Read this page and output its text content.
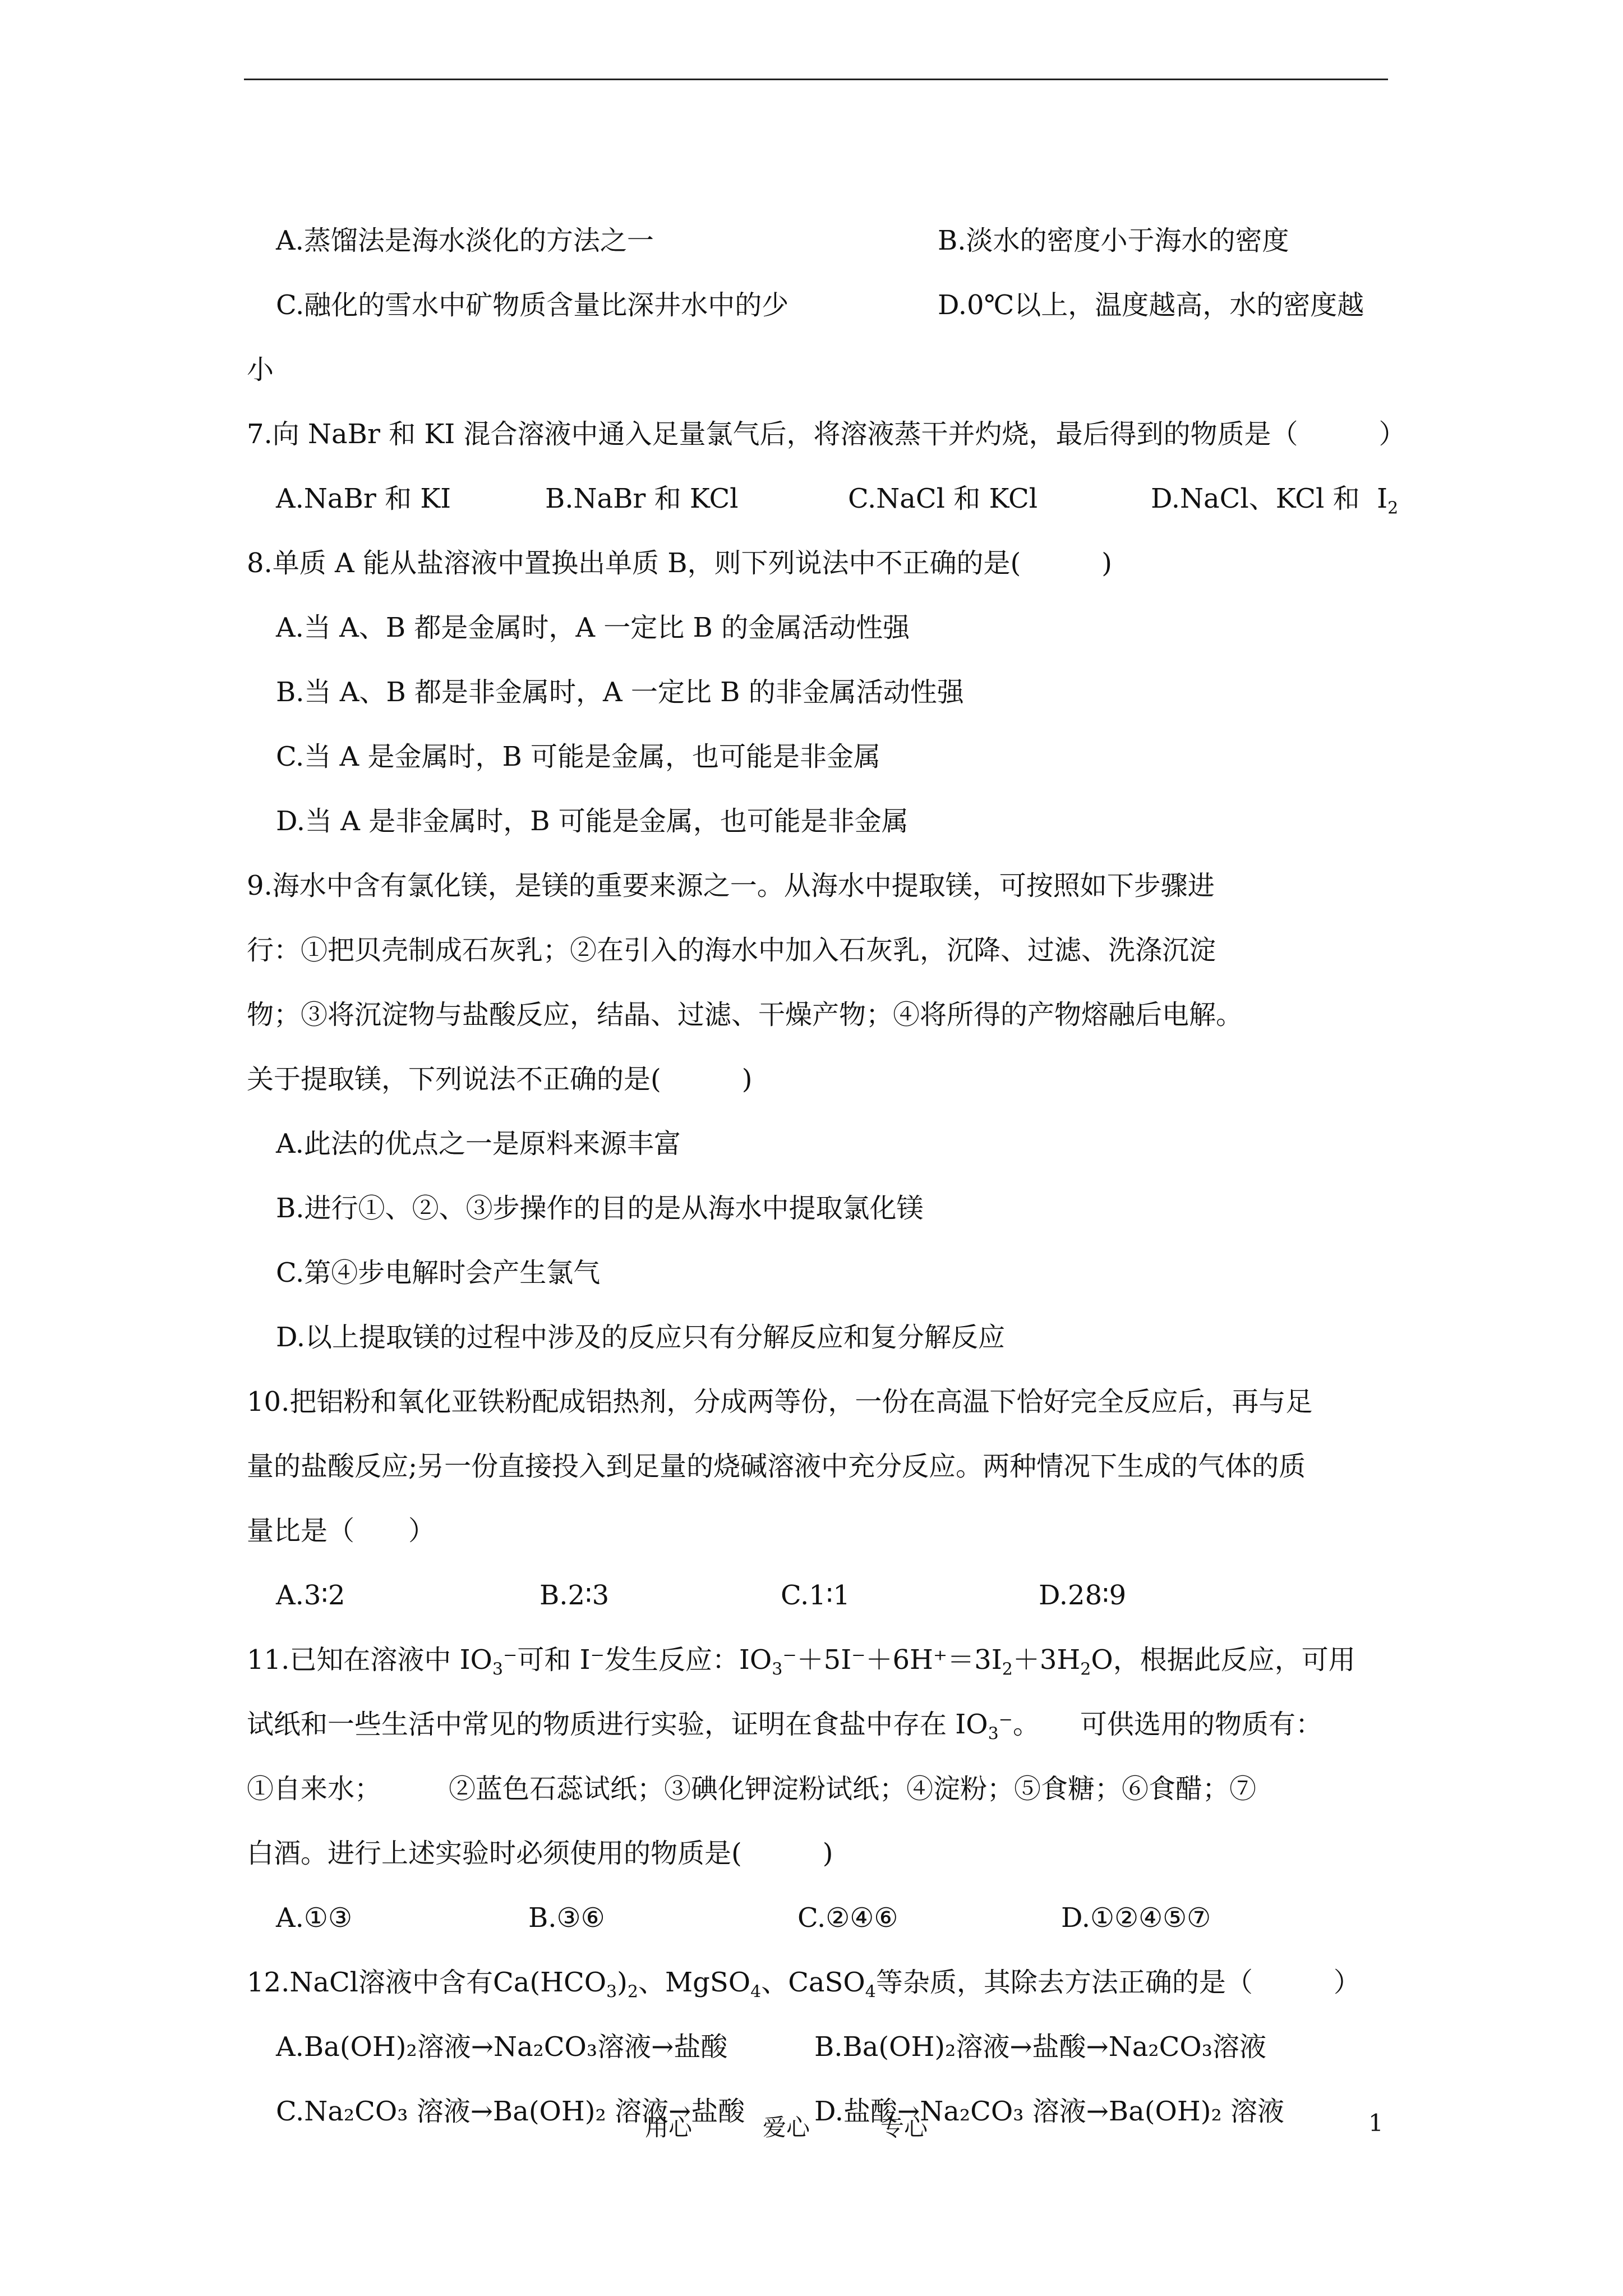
A.蒸馏法是海水淡化的方法之一	B.淡水的密度小于海水的密度
C.融化的雪水中矿物质含量比深井水中的少	D.0℃以上，温度越高，水的密度越
小
7.向 NaBr 和 KI 混合溶液中通入足量氯气后，将溶液蒸干并灼烧，最后得到的物质是（　　　）
A.NaBr 和 KI	B.NaBr 和 KCl	C.NaCl 和 KCl	D.NaCl、KCl 和  $I_2$
8.单质 A 能从盐溶液中置换出单质 B，则下列说法中不正确的是(　　　)
A.当 A、B 都是金属时，A 一定比 B 的金属活动性强
B.当 A、B 都是非金属时，A 一定比 B 的非金属活动性强
C.当 A 是金属时，B 可能是金属，也可能是非金属
D.当 A 是非金属时，B 可能是金属，也可能是非金属
9.海水中含有氯化镁，是镁的重要来源之一。从海水中提取镁，可按照如下步骤进
行：①把贝壳制成石灰乳；②在引入的海水中加入石灰乳，沉降、过滤、洗涤沉淀
物；③将沉淀物与盐酸反应，结晶、过滤、干燥产物；④将所得的产物熔融后电解。
关于提取镁，下列说法不正确的是(　　　)
A.此法的优点之一是原料来源丰富
B.进行①、②、③步操作的目的是从海水中提取氯化镁
C.第④步电解时会产生氯气
D.以上提取镁的过程中涉及的反应只有分解反应和复分解反应
10.把铝粉和氧化亚铁粉配成铝热剂，分成两等份，一份在高温下恰好完全反应后，再与足
量的盐酸反应;另一份直接投入到足量的烧碱溶液中充分反应。两种情况下生成的气体的质
量比是（　　）
A.3∶2	B.2∶3	C.1∶1	D.28∶9
11.已知在溶液中 $IO_3^-$可和 I⁻发生反应：$IO_3^-+5I^-+6H^+=3I_2+3H_2O$，根据此反应，可用
试纸和一些生活中常见的物质进行实验，证明在食盐中存在 $IO_3^-$。　　可供选用的物质有：
①自来水；　　　②蓝色石蕊试纸；③碘化钾淀粉试纸；④淀粉；⑤食糖；⑥食醋；⑦
白酒。进行上述实验时必须使用的物质是(　　　)
A.①③	B.③⑥	C.②④⑥	D.①②④⑤⑦
12.NaCl溶液中含有$Ca(HCO_3)_2$、MgSO$_4$、CaSO$_4$等杂质，其除去方法正确的是（　　　）
A.Ba(OH)₂溶液→Na₂CO₃溶液→盐酸	B.Ba(OH)₂溶液→盐酸→Na₂CO₃溶液
C.Na₂CO₃ 溶液→Ba(OH)₂ 溶液→盐酸	D.盐酸→Na₂CO₃ 溶液→Ba(OH)₂ 溶液
用心　　　爱心　　　专心	1
